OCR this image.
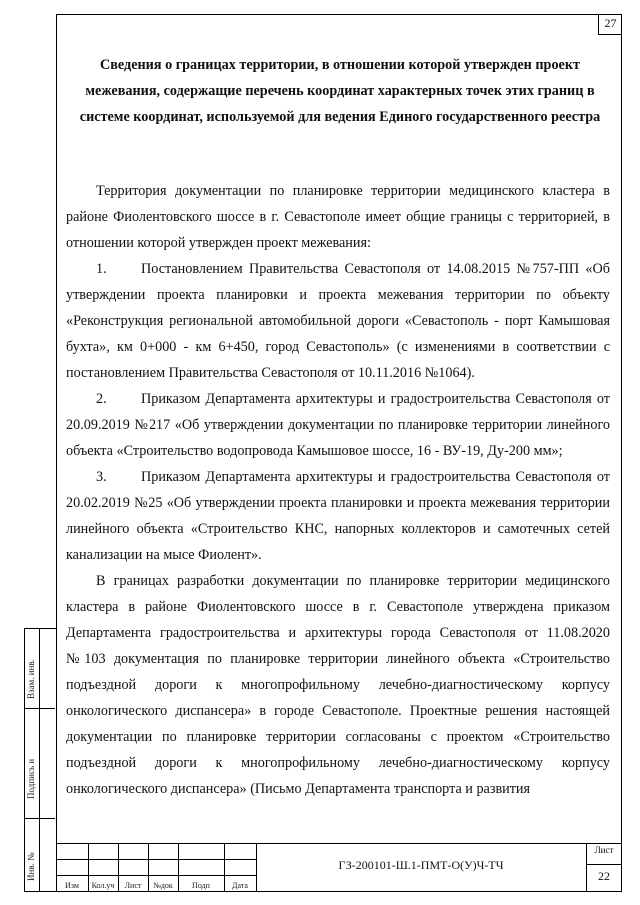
27
Сведения о границах территории, в отношении которой утвержден проект межевания, содержащие перечень координат характерных точек этих границ в системе координат, используемой для ведения Единого государственного реестра

Территория документации по планировке территории медицинского кластера в районе Фиолентовского шоссе в г. Севастополе имеет общие границы с территорией, в отношении которой утвержден проект межевания:

1. Постановлением Правительства Севастополя от 14.08.2015 №757-ПП «Об утверждении проекта планировки и проекта межевания территории по объекту «Реконструкция региональной автомобильной дороги «Севастополь - порт Камышовая бухта», км 0+000 - км 6+450, город Севастополь» (с изменениями в соответствии с постановлением Правительства Севастополя от 10.11.2016 №1064).

2. Приказом Департамента архитектуры и градостроительства Севастополя от 20.09.2019 №217 «Об утверждении документации по планировке территории линейного объекта «Строительство водопровода Камышовое шоссе, 16 - ВУ-19, Ду-200 мм»;

3. Приказом Департамента архитектуры и градостроительства Севастополя от 20.02.2019 №25 «Об утверждении проекта планировки и проекта межевания территории линейного объекта «Строительство КНС, напорных коллекторов и самотечных сетей канализации на мысе Фиолент».

В границах разработки документации по планировке территории медицинского кластера в районе Фиолентовского шоссе в г. Севастополе утверждена приказом Департамента градостроительства и архитектуры города Севастополя от 11.08.2020 №103 документация по планировке территории линейного объекта «Строительство подъездной дороги к многопрофильному лечебно-диагностическому корпусу онкологического диспансера» в городе Севастополе. Проектные решения настоящей документации по планировке территории согласованы с проектом «Строительство подъездной дороги к многопрофильному лечебно-диагностическому корпусу онкологического диспансера» (Письмо Департамента транспорта и развития

Взам. инв.
Подпись и
Инв. №
Изм	Кол.уч	Лист	№док	Подп	Дата
ГЗ-200101-Ш.1-ПМТ-О(У)Ч-ТЧ
Лист
22
